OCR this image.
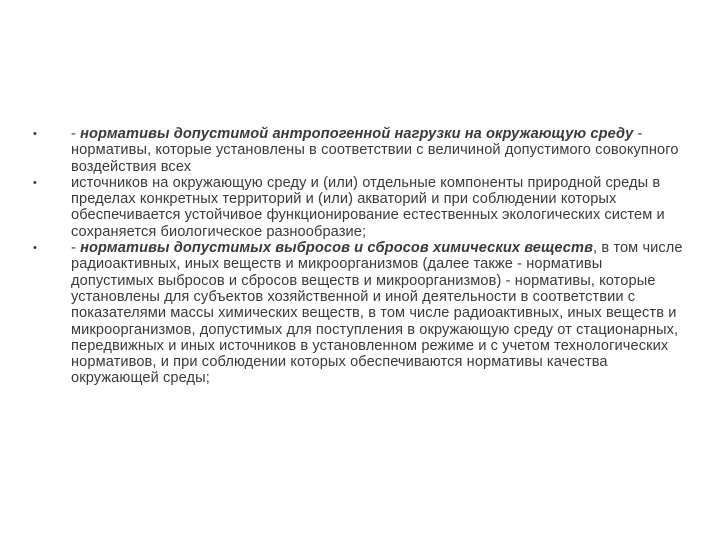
•	- нормативы допустимой антропогенной нагрузки на окружающую среду - нормативы, которые установлены в соответствии с величиной допустимого совокупного воздействия всех
•	источников на окружающую среду и (или) отдельные компоненты природной среды в пределах конкретных территорий и (или) акваторий и при соблюдении которых обеспечивается устойчивое функционирование естественных экологических систем и сохраняется биологическое разнообразие;
•	- нормативы допустимых выбросов и сбросов химических веществ, в том числе радиоактивных, иных веществ и микроорганизмов (далее также - нормативы допустимых выбросов и сбросов веществ и микроорганизмов) - нормативы, которые установлены для субъектов хозяйственной и иной деятельности в соответствии с показателями массы химических веществ, в том числе радиоактивных, иных веществ и микроорганизмов, допустимых для поступления в окружающую среду от стационарных, передвижных и иных источников в установленном режиме и с учетом технологических нормативов, и при соблюдении которых обеспечиваются нормативы качества окружающей среды;
